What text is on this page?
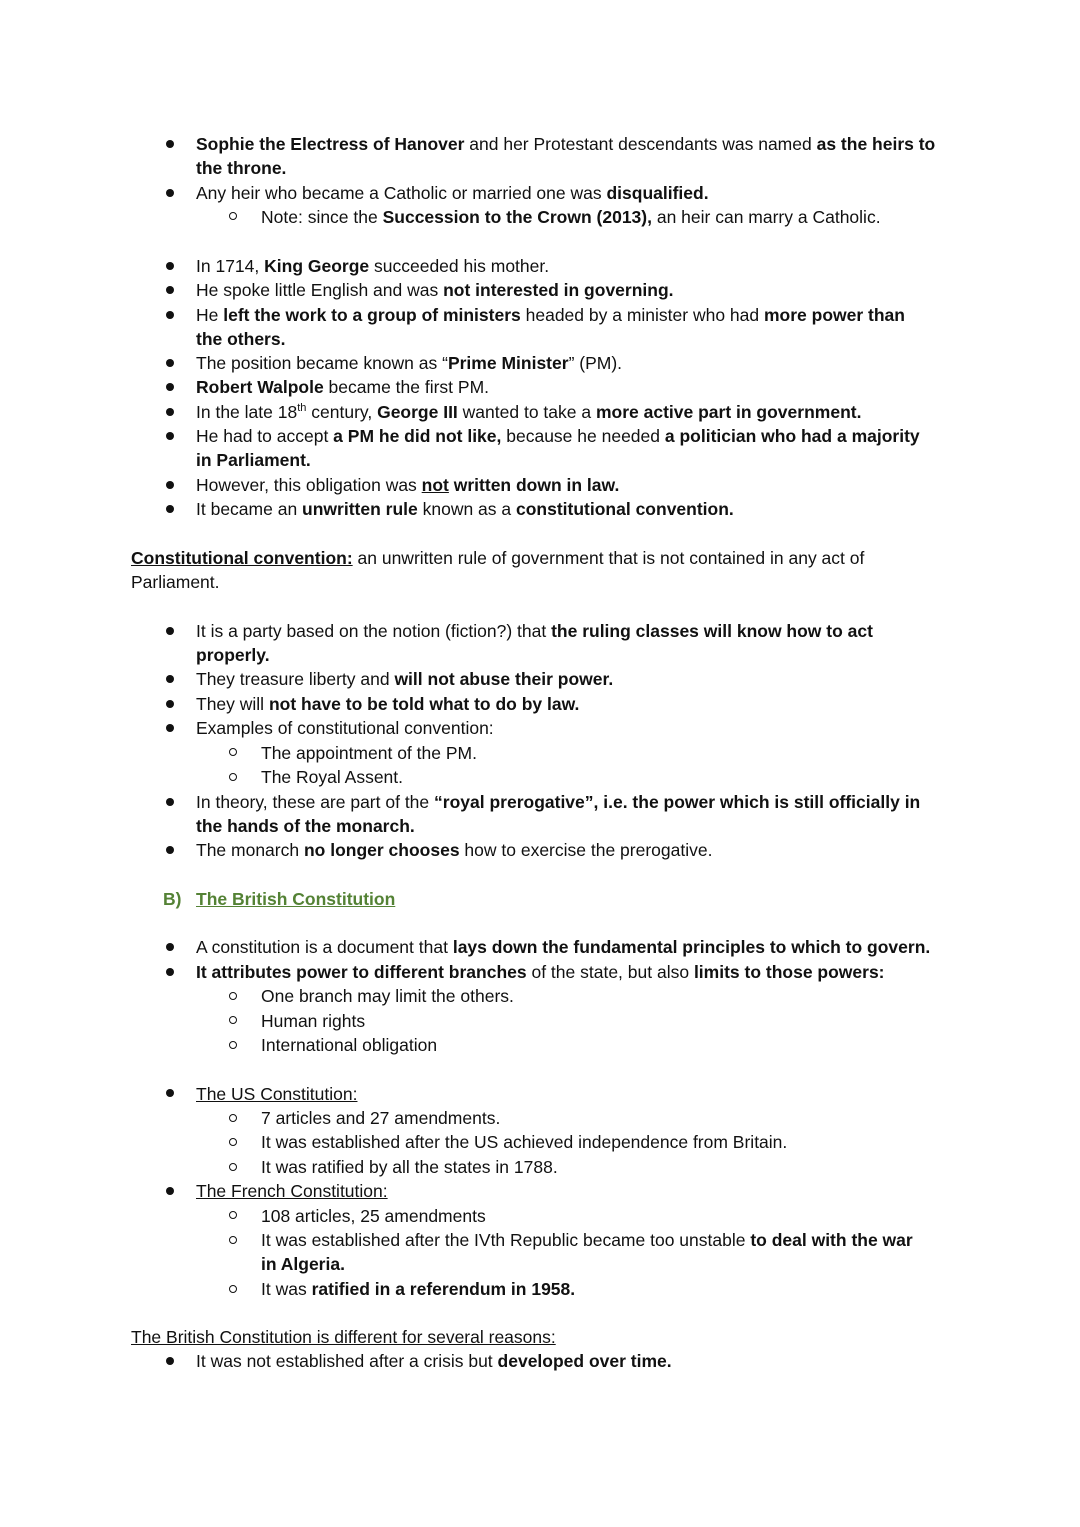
Sophie the Electress of Hanover and her Protestant descendants was named as the heirs to
the throne.
Any heir who became a Catholic or married one was disqualified.
Note: since the Succession to the Crown (2013), an heir can marry a Catholic.
In 1714, King George succeeded his mother.
He spoke little English and was not interested in governing.
He left the work to a group of ministers headed by a minister who had more power than
the others.
The position became known as “Prime Minister” (PM).
Robert Walpole became the first PM.
In the late 18th century, George III wanted to take a more active part in government.
He had to accept a PM he did not like, because he needed a politician who had a majority
in Parliament.
However, this obligation was not written down in law.
It became an unwritten rule known as a constitutional convention.
Constitutional convention: an unwritten rule of government that is not contained in any act of
Parliament.
It is a party based on the notion (fiction?) that the ruling classes will know how to act
properly.
They treasure liberty and will not abuse their power.
They will not have to be told what to do by law.
Examples of constitutional convention:
The appointment of the PM.
The Royal Assent.
In theory, these are part of the “royal prerogative”, i.e. the power which is still officially in
the hands of the monarch.
The monarch no longer chooses how to exercise the prerogative.
B) The British Constitution
A constitution is a document that lays down the fundamental principles to which to govern.
It attributes power to different branches of the state, but also limits to those powers:
One branch may limit the others.
Human rights
International obligation
The US Constitution:
7 articles and 27 amendments.
It was established after the US achieved independence from Britain.
It was ratified by all the states in 1788.
The French Constitution:
108 articles, 25 amendments
It was established after the IVth Republic became too unstable to deal with the war
in Algeria.
It was ratified in a referendum in 1958.
The British Constitution is different for several reasons:
It was not established after a crisis but developed over time.
